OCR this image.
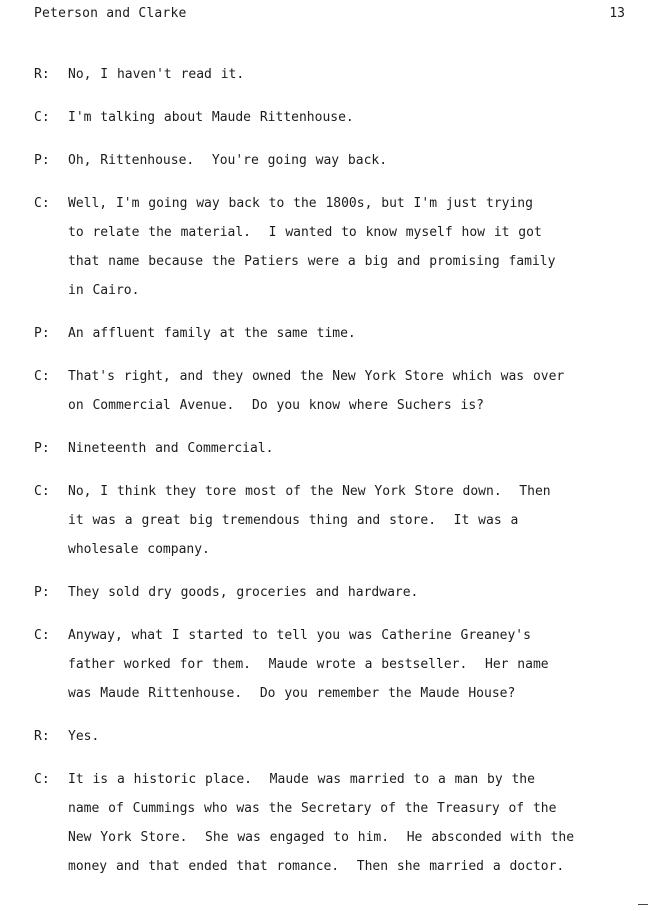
Peterson and Clarke	13
R:	No, I haven't read it.
C:	I'm talking about Maude Rittenhouse.
P:	Oh, Rittenhouse.  You're going way back.
C:	Well, I'm going way back to the 1800s, but I'm just trying
to relate the material.  I wanted to know myself how it got
that name because the Patiers were a big and promising family
in Cairo.
P:	An affluent family at the same time.
C:	That's right, and they owned the New York Store which was over
on Commercial Avenue.  Do you know where Suchers is?
P:	Nineteenth and Commercial.
C:	No, I think they tore most of the New York Store down.  Then
it was a great big tremendous thing and store.  It was a
wholesale company.
P:	They sold dry goods, groceries and hardware.
C:	Anyway, what I started to tell you was Catherine Greaney's
father worked for them.  Maude wrote a bestseller.  Her name
was Maude Rittenhouse.  Do you remember the Maude House?
R:	Yes.
C:	It is a historic place.  Maude was married to a man by the
name of Cummings who was the Secretary of the Treasury of the
New York Store.  She was engaged to him.  He absconded with the
money and that ended that romance.  Then she married a doctor.
